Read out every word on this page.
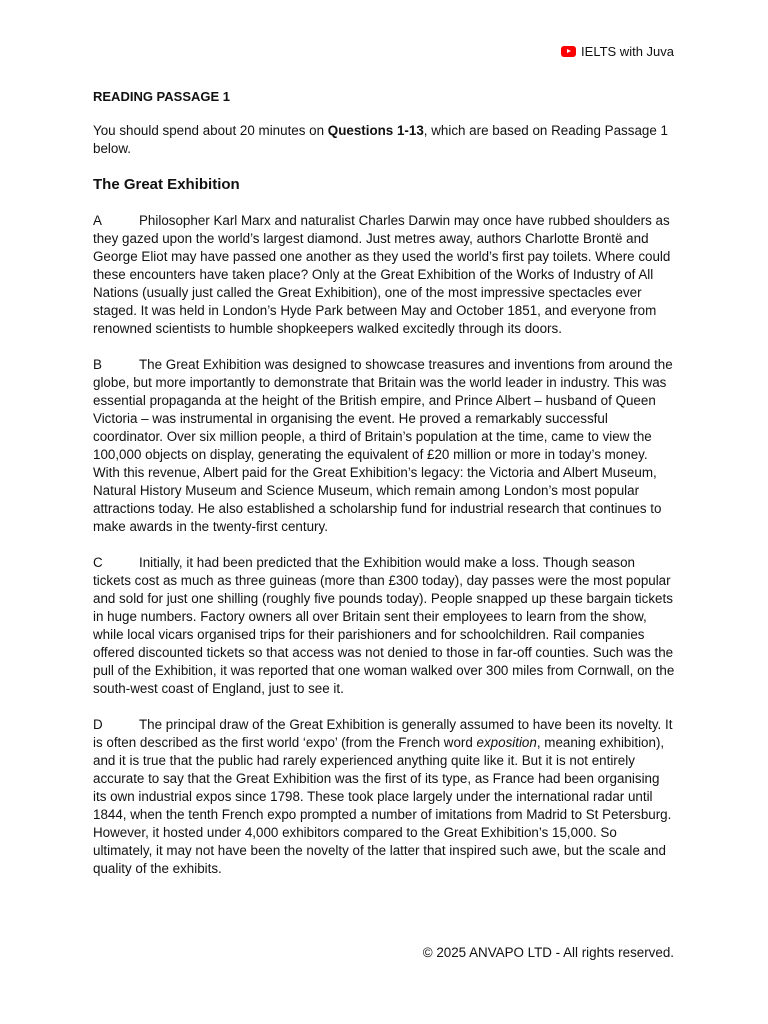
IELTS with Juva
READING PASSAGE 1
You should spend about 20 minutes on Questions 1-13, which are based on Reading Passage 1 below.
The Great Exhibition
A	Philosopher Karl Marx and naturalist Charles Darwin may once have rubbed shoulders as they gazed upon the world’s largest diamond. Just metres away, authors Charlotte Brontë and George Eliot may have passed one another as they used the world’s first pay toilets. Where could these encounters have taken place? Only at the Great Exhibition of the Works of Industry of All Nations (usually just called the Great Exhibition), one of the most impressive spectacles ever staged. It was held in London’s Hyde Park between May and October 1851, and everyone from renowned scientists to humble shopkeepers walked excitedly through its doors.
B	The Great Exhibition was designed to showcase treasures and inventions from around the globe, but more importantly to demonstrate that Britain was the world leader in industry. This was essential propaganda at the height of the British empire, and Prince Albert – husband of Queen Victoria – was instrumental in organising the event. He proved a remarkably successful coordinator. Over six million people, a third of Britain’s population at the time, came to view the 100,000 objects on display, generating the equivalent of £20 million or more in today’s money. With this revenue, Albert paid for the Great Exhibition’s legacy: the Victoria and Albert Museum, Natural History Museum and Science Museum, which remain among London’s most popular attractions today. He also established a scholarship fund for industrial research that continues to make awards in the twenty-first century.
C	Initially, it had been predicted that the Exhibition would make a loss. Though season tickets cost as much as three guineas (more than £300 today), day passes were the most popular and sold for just one shilling (roughly five pounds today). People snapped up these bargain tickets in huge numbers. Factory owners all over Britain sent their employees to learn from the show, while local vicars organised trips for their parishioners and for schoolchildren. Rail companies offered discounted tickets so that access was not denied to those in far-off counties. Such was the pull of the Exhibition, it was reported that one woman walked over 300 miles from Cornwall, on the south-west coast of England, just to see it.
D	The principal draw of the Great Exhibition is generally assumed to have been its novelty. It is often described as the first world ‘expo’ (from the French word exposition, meaning exhibition), and it is true that the public had rarely experienced anything quite like it. But it is not entirely accurate to say that the Great Exhibition was the first of its type, as France had been organising its own industrial expos since 1798. These took place largely under the international radar until 1844, when the tenth French expo prompted a number of imitations from Madrid to St Petersburg. However, it hosted under 4,000 exhibitors compared to the Great Exhibition’s 15,000. So ultimately, it may not have been the novelty of the latter that inspired such awe, but the scale and quality of the exhibits.
© 2025 ANVAPO LTD - All rights reserved.
